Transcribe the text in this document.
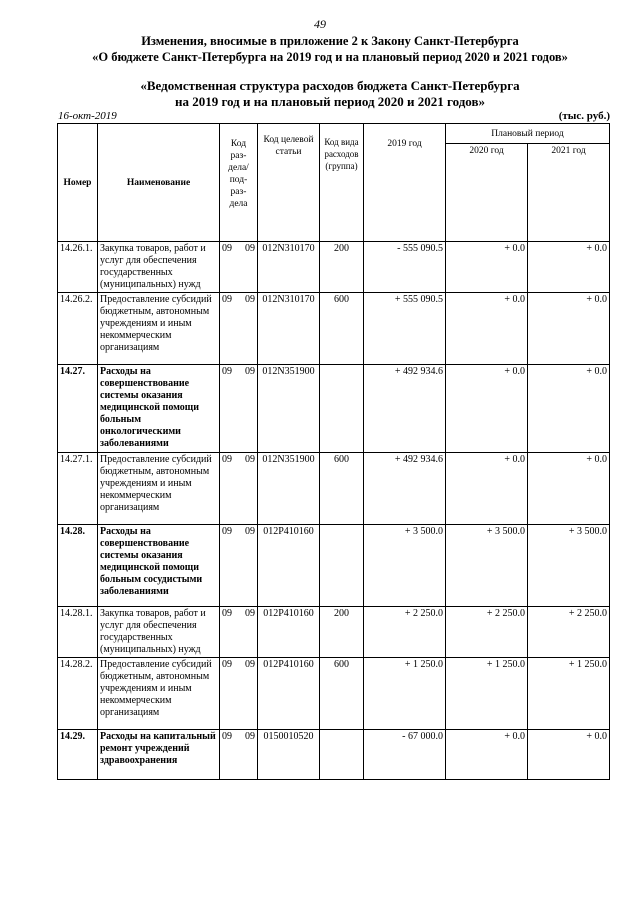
49
Изменения, вносимые в приложение 2 к Закону Санкт-Петербурга
«О бюджете Санкт-Петербурга на 2019 год и на плановый период 2020 и 2021 годов»
«Ведомственная структура расходов бюджета Санкт-Петербурга
на 2019 год и на плановый период 2020 и 2021 годов»
16-окт-2019	(тыс. руб.)
Номер	Наименование	Код раз-дела/ под-раз-дела	Код целевой статьи	Код вида расходов (группа)	2019 год	Плановый период	
						2020 год	2021 год
14.26.1.	Закупка товаров, работ и услуг для обеспечения государственных (муниципальных) нужд	09 09	012N310170	200	- 555 090.5	+ 0.0	+ 0.0
14.26.2.	Предоставление субсидий бюджетным, автономным учреждениям и иным некоммерческим организациям	09 09	012N310170	600	+ 555 090.5	+ 0.0	+ 0.0
14.27.	Расходы на совершенствование системы оказания медицинской помощи больным онкологическими заболеваниями	09 09	012N351900		+ 492 934.6	+ 0.0	+ 0.0
14.27.1.	Предоставление субсидий бюджетным, автономным учреждениям и иным некоммерческим организациям	09 09	012N351900	600	+ 492 934.6	+ 0.0	+ 0.0
14.28.	Расходы на совершенствование системы оказания медицинской помощи больным сосудистыми заболеваниями	09 09	012P410160		+ 3 500.0	+ 3 500.0	+ 3 500.0
14.28.1.	Закупка товаров, работ и услуг для обеспечения государственных (муниципальных) нужд	09 09	012P410160	200	+ 2 250.0	+ 2 250.0	+ 2 250.0
14.28.2.	Предоставление субсидий бюджетным, автономным учреждениям и иным некоммерческим организациям	09 09	012P410160	600	+ 1 250.0	+ 1 250.0	+ 1 250.0
14.29.	Расходы на капитальный ремонт учреждений здравоохранения	09 09	0150010520		- 67 000.0	+ 0.0	+ 0.0
